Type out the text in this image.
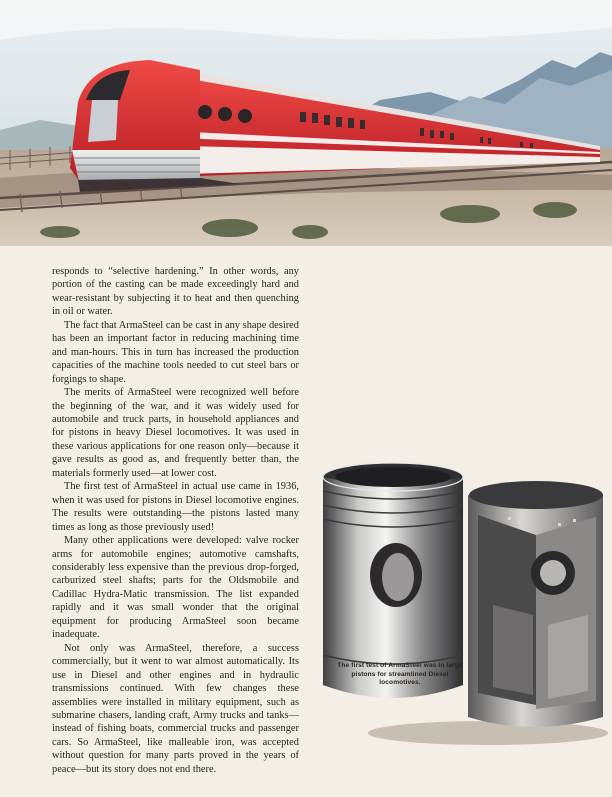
responds to “selective hardening.” In other words, any portion of the casting can be made exceedingly hard and wear-resistant by subjecting it to heat and then quenching in oil or water.

The fact that ArmaSteel can be cast in any shape desired has been an important factor in reducing machining time and man-hours. This in turn has increased the production capacities of the machine tools needed to cut steel bars or forgings to shape.

The merits of ArmaSteel were recognized well before the beginning of the war, and it was widely used for automobile and truck parts, in household appliances and for pistons in heavy Diesel locomotives. It was used in these various applications for one reason only—because it gave results as good as, and frequently better than, the materials formerly used—at lower cost.

The first test of ArmaSteel in actual use came in 1936, when it was used for pistons in Diesel locomotive engines. The results were outstanding—the pistons lasted many times as long as those previously used!

Many other applications were developed: valve rocker arms for automobile engines; automotive camshafts, considerably less expensive than the previous drop-forged, carburized steel shafts; parts for the Oldsmobile and Cadillac Hydra-Matic transmission. The list expanded rapidly and it was small wonder that the original equipment for producing ArmaSteel soon became inadequate.

Not only was ArmaSteel, therefore, a success commercially, but it went to war almost automatically. Its use in Diesel and other engines and in hydraulic transmissions continued. With few changes these assemblies were installed in military equipment, such as submarine chasers, landing craft, Army trucks and tanks—instead of fishing boats, commercial trucks and passenger cars. So ArmaSteel, like malleable iron, was accepted without question for many parts proved in the years of peace—but its story does not end there.

The first test of ArmaSteel was in large pistons for streamlined Diesel locomotives.
